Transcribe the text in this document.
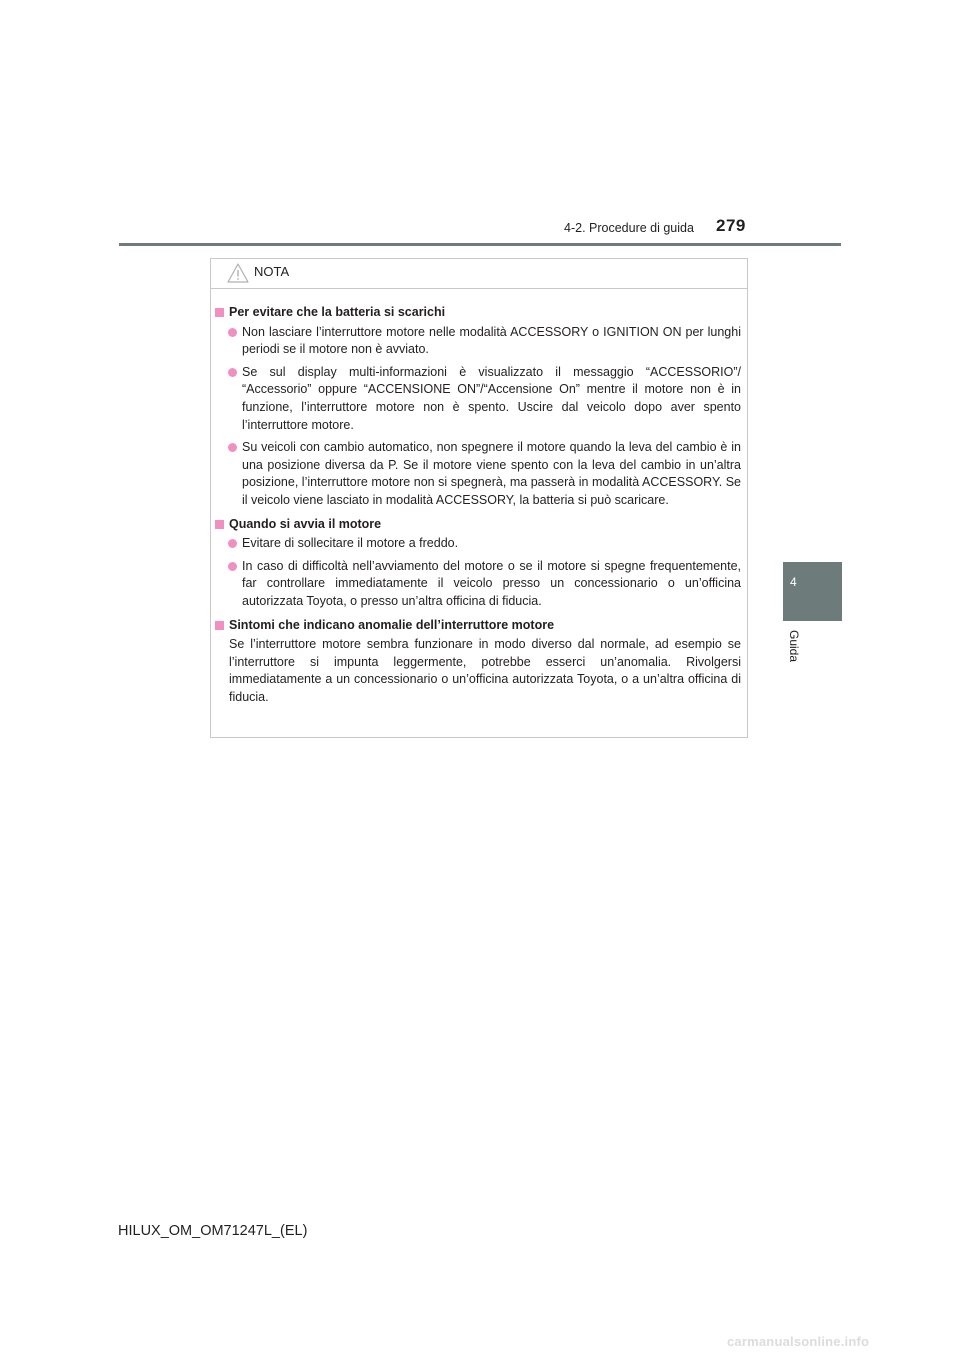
4-2. Procedure di guida 279
4
Guida
NOTA
Per evitare che la batteria si scarichi
Non lasciare l’interruttore motore nelle modalità ACCESSORY o IGNITION ON per lunghi periodi se il motore non è avviato.
Se sul display multi-informazioni è visualizzato il messaggio “ACCESSORIO”/ “Accessorio” oppure “ACCENSIONE ON”/“Accensione On” mentre il motore non è in funzione, l’interruttore motore non è spento. Uscire dal veicolo dopo aver spento l’interruttore motore.
Su veicoli con cambio automatico, non spegnere il motore quando la leva del cambio è in una posizione diversa da P. Se il motore viene spento con la leva del cambio in un’altra posizione, l’interruttore motore non si spegnerà, ma passerà in modalità ACCESSORY. Se il veicolo viene lasciato in modalità ACCESSORY, la batteria si può scaricare.
Quando si avvia il motore
Evitare di sollecitare il motore a freddo.
In caso di difficoltà nell’avviamento del motore o se il motore si spegne frequentemente, far controllare immediatamente il veicolo presso un concessionario o un’officina autorizzata Toyota, o presso un’altra officina di fiducia.
Sintomi che indicano anomalie dell’interruttore motore
Se l’interruttore motore sembra funzionare in modo diverso dal normale, ad esempio se l’interruttore si impunta leggermente, potrebbe esserci un’anomalia. Rivolgersi immediatamente a un concessionario o un’officina autorizzata Toyota, o a un’altra officina di fiducia.
HILUX_OM_OM71247L_(EL)
carmanualsonline.info
